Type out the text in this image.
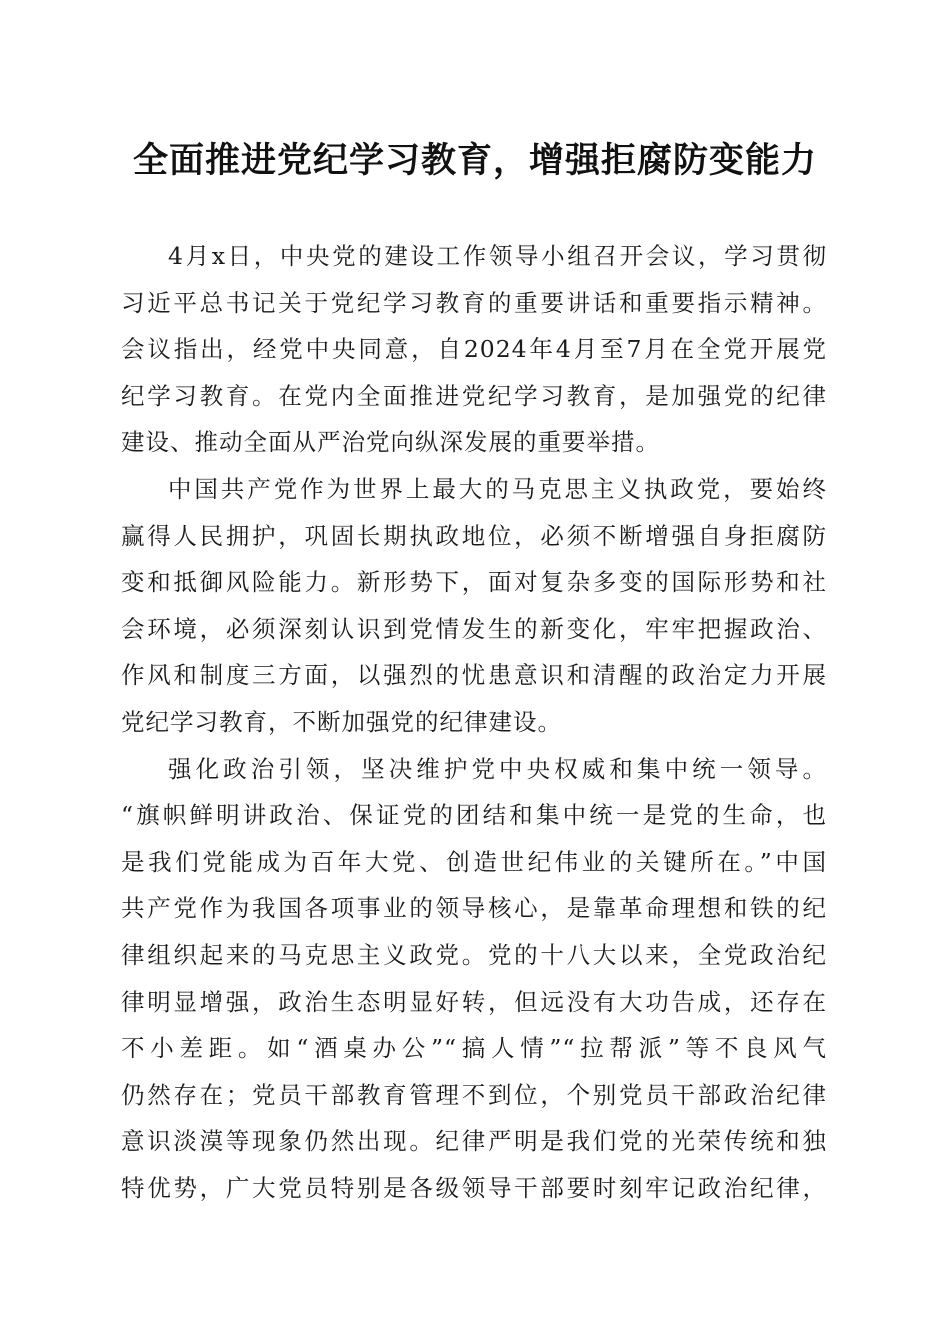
全面推进党纪学习教育，增强拒腐防变能力
4月x日，中央党的建设工作领导小组召开会议，学习贯彻
习近平总书记关于党纪学习教育的重要讲话和重要指示精神。
会议指出，经党中央同意，自2024年4月至7月在全党开展党
纪学习教育。在党内全面推进党纪学习教育，是加强党的纪律
建设、推动全面从严治党向纵深发展的重要举措。
中国共产党作为世界上最大的马克思主义执政党，要始终
赢得人民拥护，巩固长期执政地位，必须不断增强自身拒腐防
变和抵御风险能力。新形势下，面对复杂多变的国际形势和社
会环境，必须深刻认识到党情发生的新变化，牢牢把握政治、
作风和制度三方面，以强烈的忧患意识和清醒的政治定力开展
党纪学习教育，不断加强党的纪律建设。
强化政治引领，坚决维护党中央权威和集中统一领导。
“旗帜鲜明讲政治、保证党的团结和集中统一是党的生命，也
是我们党能成为百年大党、创造世纪伟业的关键所在。”中国
共产党作为我国各项事业的领导核心，是靠革命理想和铁的纪
律组织起来的马克思主义政党。党的十八大以来，全党政治纪
律明显增强，政治生态明显好转，但远没有大功告成，还存在
不小差距。如“酒桌办公”“搞人情”“拉帮派”等不良风气
仍然存在；党员干部教育管理不到位，个别党员干部政治纪律
意识淡漠等现象仍然出现。纪律严明是我们党的光荣传统和独
特优势，广大党员特别是各级领导干部要时刻牢记政治纪律，
